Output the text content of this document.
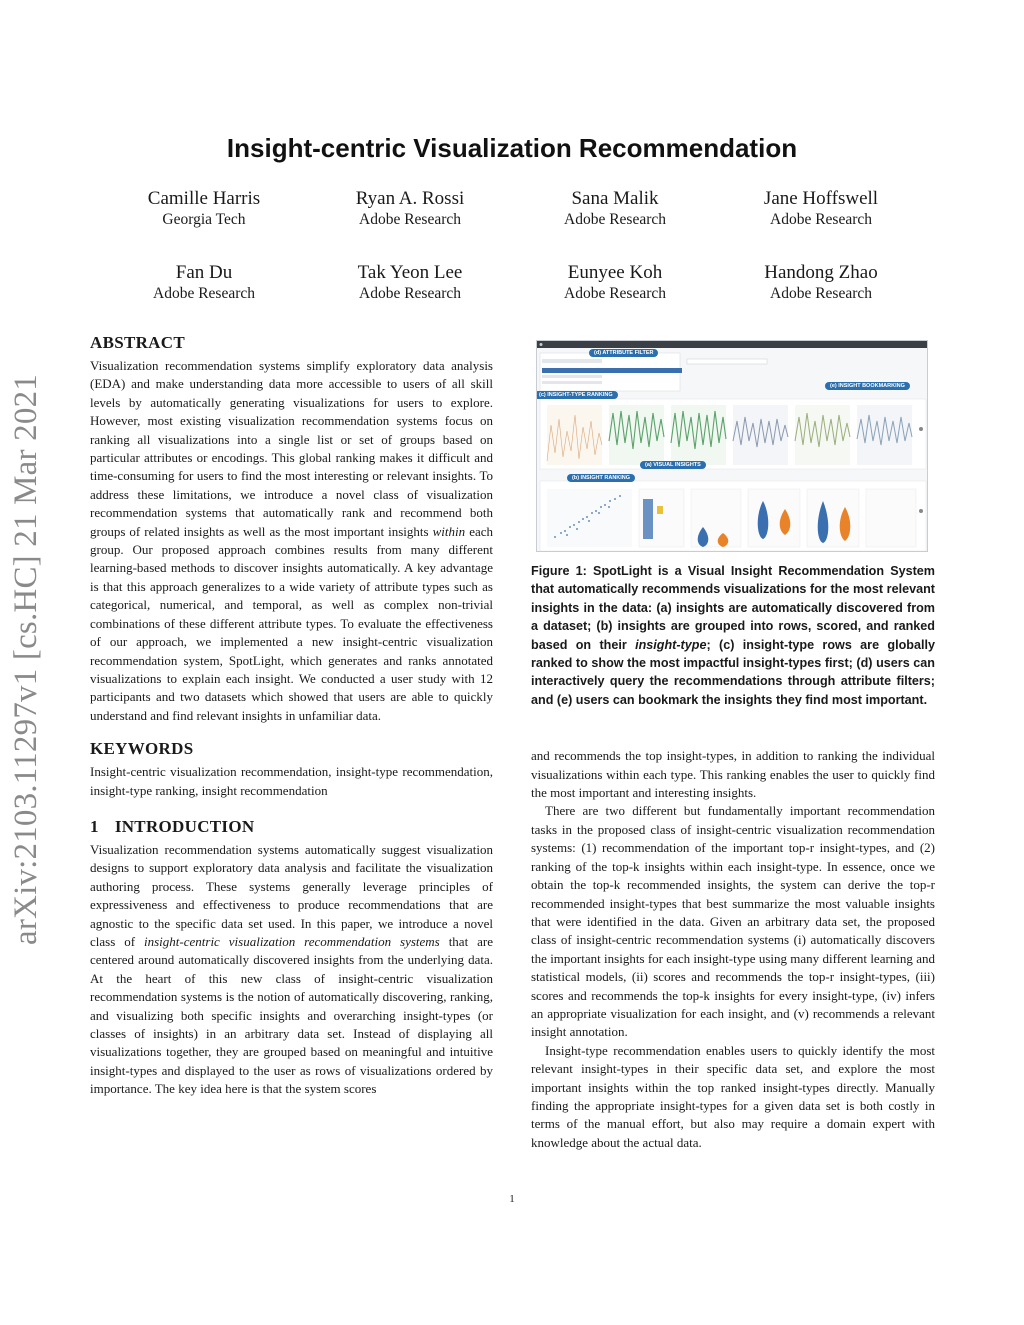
arXiv:2103.11297v1 [cs.HC] 21 Mar 2021
Insight-centric Visualization Recommendation
Camille Harris
Georgia Tech
Ryan A. Rossi
Adobe Research
Sana Malik
Adobe Research
Jane Hoffswell
Adobe Research
Fan Du
Adobe Research
Tak Yeon Lee
Adobe Research
Eunyee Koh
Adobe Research
Handong Zhao
Adobe Research
ABSTRACT

Visualization recommendation systems simplify exploratory data analysis (EDA) and make understanding data more accessible to users of all skill levels by automatically generating visualizations for users to explore. However, most existing visualization recommendation systems focus on ranking all visualizations into a single list or set of groups based on particular attributes or encodings. This global ranking makes it difficult and time-consuming for users to find the most interesting or relevant insights. To address these limitations, we introduce a novel class of visualization recommendation systems that automatically rank and recommend both groups of related insights as well as the most important insights within each group. Our proposed approach combines results from many different learning-based methods to discover insights automatically. A key advantage is that this approach generalizes to a wide variety of attribute types such as categorical, numerical, and temporal, as well as complex non-trivial combinations of these different attribute types. To evaluate the effectiveness of our approach, we implemented a new insight-centric visualization recommendation system, SpotLight, which generates and ranks annotated visualizations to explain each insight. We conducted a user study with 12 participants and two datasets which showed that users are able to quickly understand and find relevant insights in unfamiliar data.

KEYWORDS

Insight-centric visualization recommendation, insight-type recommendation, insight-type ranking, insight recommendation

1 INTRODUCTION

Visualization recommendation systems automatically suggest visualization designs to support exploratory data analysis and facilitate the visualization authoring process. These systems generally leverage principles of expressiveness and effectiveness to produce recommendations that are agnostic to the specific data set used. In this paper, we introduce a novel class of insight-centric visualization recommendation systems that are centered around automatically discovered insights from the underlying data. At the heart of this new class of insight-centric visualization recommendation systems is the notion of automatically discovering, ranking, and visualizing both specific insights and overarching insight-types (or classes of insights) in an arbitrary data set. Instead of displaying all visualizations together, they are grouped based on meaningful and intuitive insight-types and displayed to the user as rows of visualizations ordered by importance. The key idea here is that the system scores

(d) ATTRIBUTE FILTER
(c) INSIGHT-TYPE RANKING
(e) INSIGHT BOOKMARKING
(a) VISUAL INSIGHTS
(b) INSIGHT RANKING

Figure 1: SpotLight is a Visual Insight Recommendation System that automatically recommends visualizations for the most relevant insights in the data: (a) insights are automatically discovered from a dataset; (b) insights are grouped into rows, scored, and ranked based on their insight-type; (c) insight-type rows are globally ranked to show the most impactful insight-types first; (d) users can interactively query the recommendations through attribute filters; and (e) users can bookmark the insights they find most important.

and recommends the top insight-types, in addition to ranking the individual visualizations within each type. This ranking enables the user to quickly find the most important and interesting insights.

There are two different but fundamentally important recommendation tasks in the proposed class of insight-centric visualization recommendation systems: (1) recommendation of the important top-r insight-types, and (2) ranking of the top-k insights within each insight-type. In essence, once we obtain the top-k recommended insights, the system can derive the top-r recommended insight-types that best summarize the most valuable insights that were identified in the data. Given an arbitrary data set, the proposed class of insight-centric recommendation systems (i) automatically discovers the important insights for each insight-type using many different learning and statistical models, (ii) scores and recommends the top-r insight-types, (iii) scores and recommends the top-k insights for every insight-type, (iv) infers an appropriate visualization for each insight, and (v) recommends a relevant insight annotation.

Insight-type recommendation enables users to quickly identify the most relevant insight-types in their specific data set, and explore the most important insights within the top ranked insight-types directly. Manually finding the appropriate insight-types for a given data set is both costly in terms of the manual effort, but also may require a domain expert with knowledge about the actual data.

1
